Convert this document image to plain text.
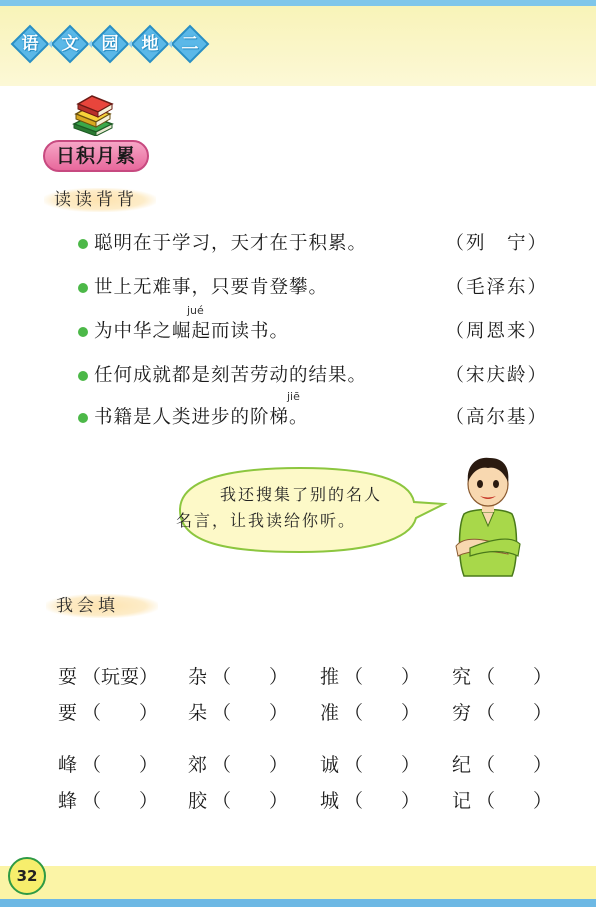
语	文	园	地	二
日积月累
读读背背
聪明在于学习，天才在于积累。	（列　宁）
世上无难事，只要肯登攀。	（毛泽东）
jué
为中华之崛起而读书。	（周恩来）
任何成就都是刻苦劳动的结果。	（宋庆龄）
jiē
书籍是人类进步的阶梯。	（高尔基）
我还搜集了别的名人
名言，让我读给你听。
我会填
耍 （玩耍） 杂 （　　） 推 （　　） 究 （　　）
要 （　　） 朵 （　　） 准 （　　） 穷 （　　）
峰 （　　） 郊 （　　） 诚 （　　） 纪 （　　）
蜂 （　　） 胶 （　　） 城 （　　） 记 （　　）
32
